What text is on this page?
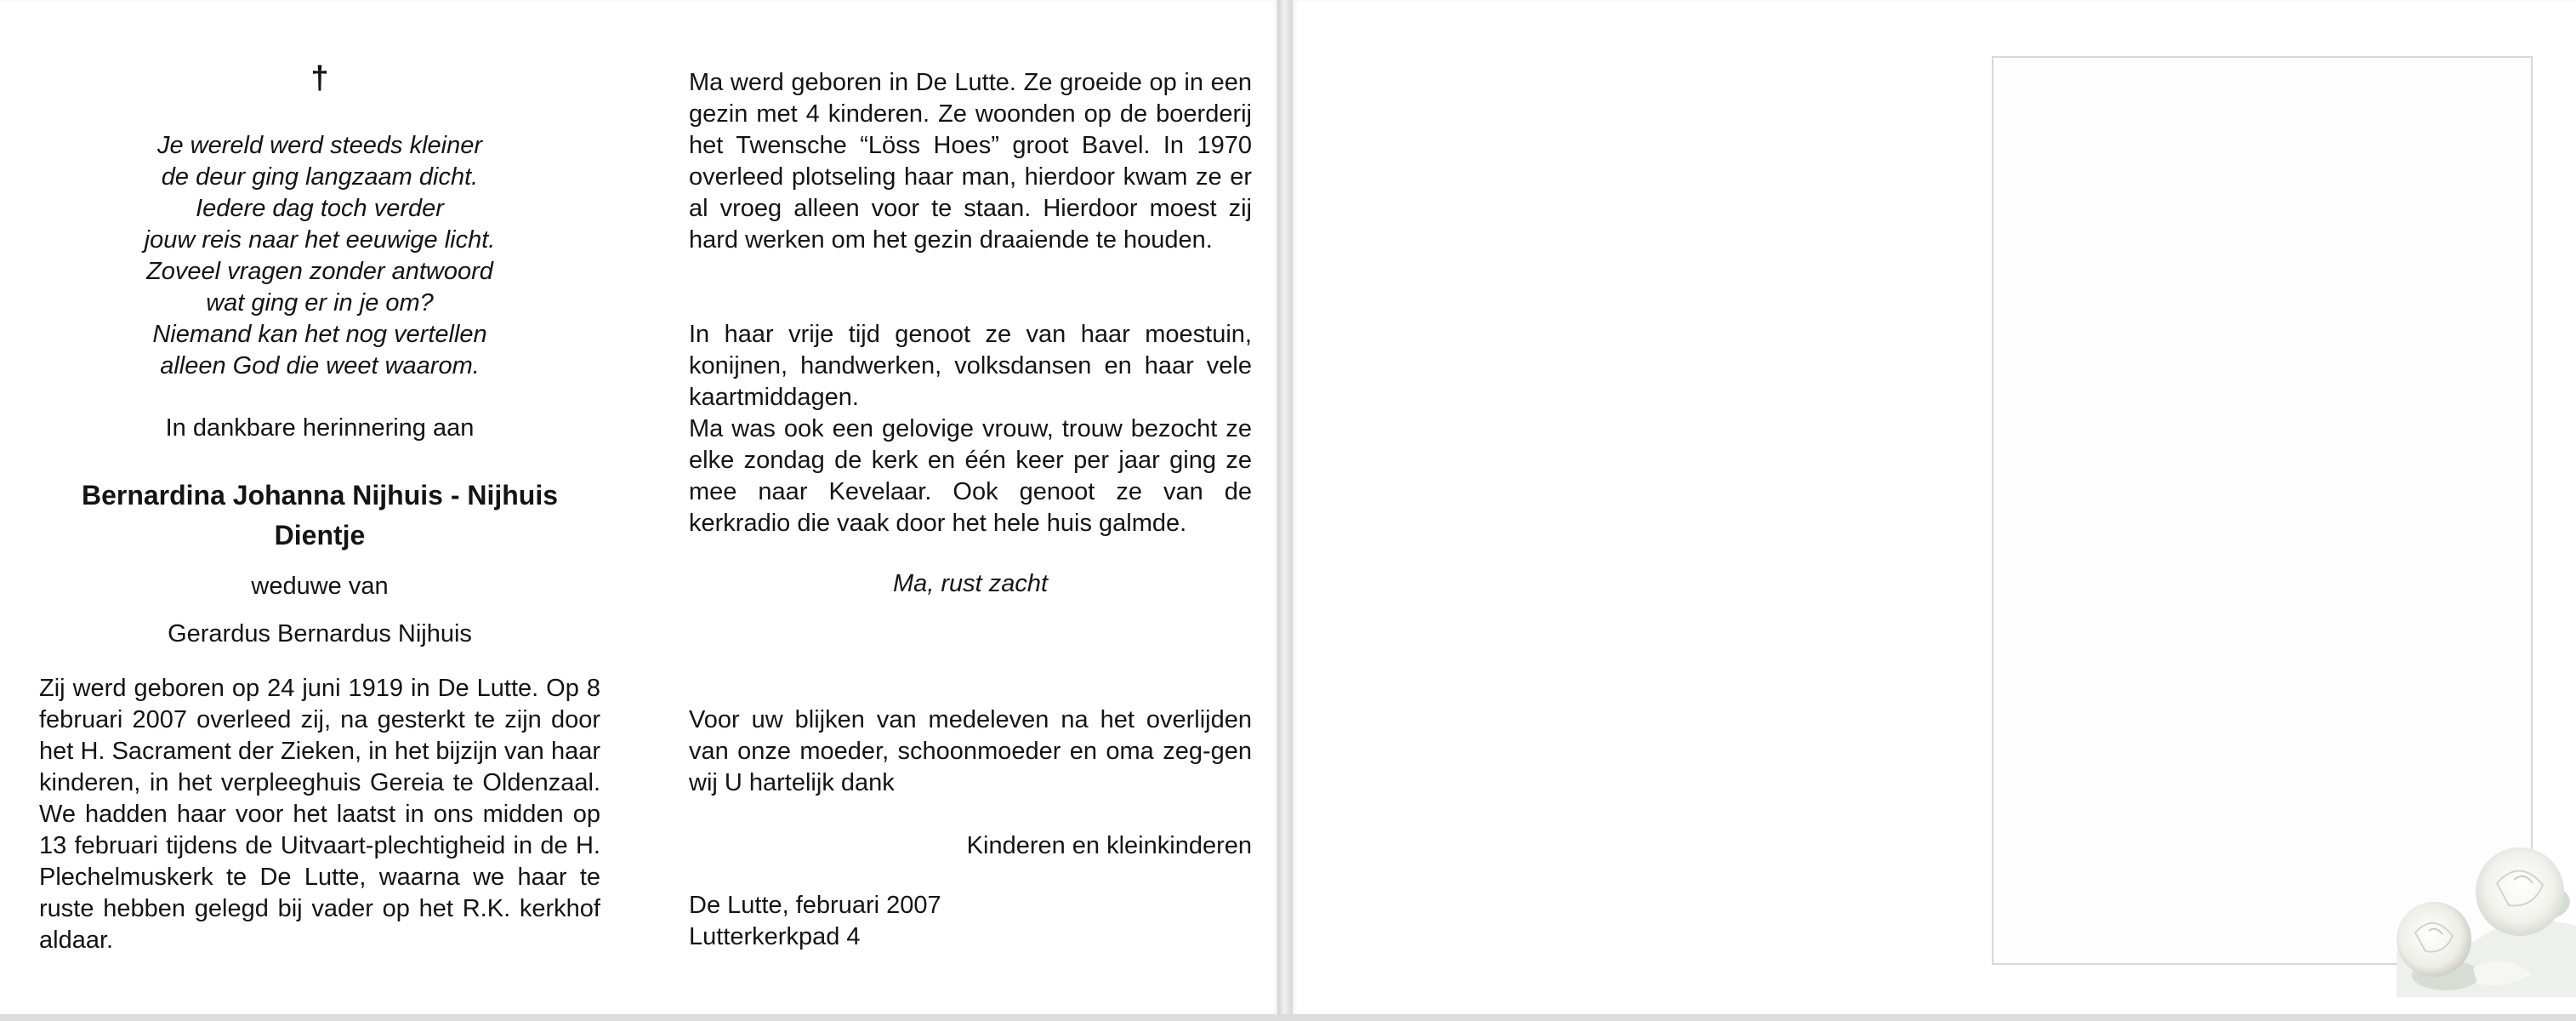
†
Je wereld werd steeds kleiner
de deur ging langzaam dicht.
Iedere dag toch verder
jouw reis naar het eeuwige licht.
Zoveel vragen zonder antwoord
wat ging er in je om?
Niemand kan het nog vertellen
alleen God die weet waarom.
In dankbare herinnering aan
Bernardina Johanna Nijhuis - Nijhuis
Dientje
weduwe van
Gerardus Bernardus Nijhuis
Zij werd geboren op 24 juni 1919 in De Lutte. Op 8 februari 2007 overleed zij, na gesterkt te zijn door het H. Sacrament der Zieken, in het bijzijn van haar kinderen, in het verpleeghuis Gereia te Oldenzaal. We hadden haar voor het laatst in ons midden op 13 februari tijdens de Uitvaart-plechtigheid in de H. Plechelmuskerk te De Lutte, waarna we haar te ruste hebben gelegd bij vader op het R.K. kerkhof aldaar.
Ma werd geboren in De Lutte. Ze groeide op in een gezin met 4 kinderen. Ze woonden op de boerderij het Twensche “Löss Hoes” groot Bavel. In 1970 overleed plotseling haar man, hierdoor kwam ze er al vroeg alleen voor te staan. Hierdoor moest zij hard werken om het gezin draaiende te houden.
In haar vrije tijd genoot ze van haar moestuin, konijnen, handwerken, volksdansen en haar vele kaartmiddagen.
Ma was ook een gelovige vrouw, trouw bezocht ze elke zondag de kerk en één keer per jaar ging ze mee naar Kevelaar. Ook genoot ze van de kerkradio die vaak door het hele huis galmde.
Ma, rust zacht
Voor uw blijken van medeleven na het overlijden van onze moeder, schoonmoeder en oma zeg-gen wij U hartelijk dank
Kinderen en kleinkinderen
De Lutte, februari 2007
Lutterkerkpad 4
